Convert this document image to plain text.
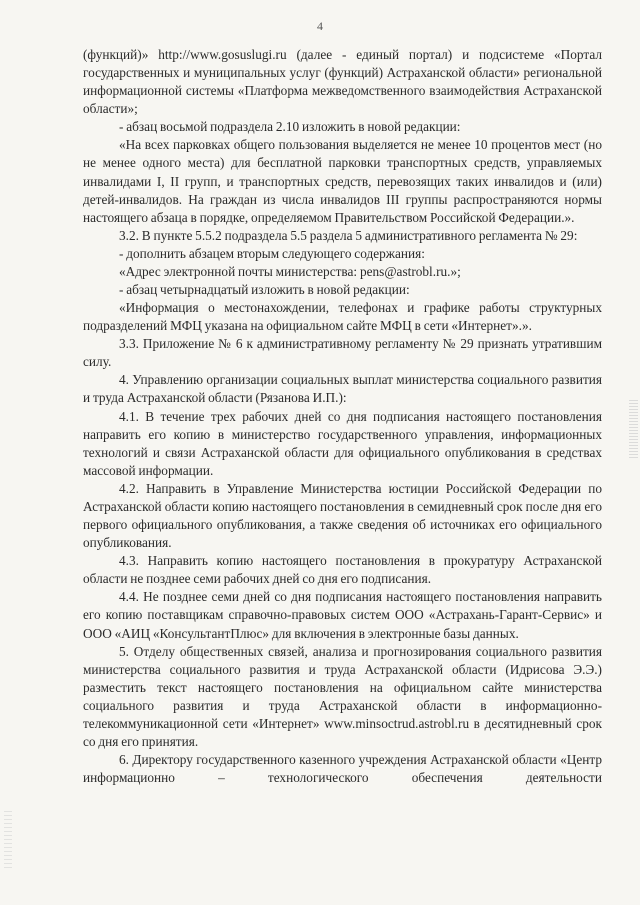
4

(функций)» http://www.gosuslugi.ru (далее - единый портал) и подсистеме «Портал государственных и муниципальных услуг (функций) Астраханской области» региональной информационной системы «Платформа межведомственного взаимодействия Астраханской области»;

- абзац восьмой подраздела 2.10 изложить в новой редакции:

«На всех парковках общего пользования выделяется не менее 10 процентов мест (но не менее одного места) для бесплатной парковки транспортных средств, управляемых инвалидами I, II групп, и транспортных средств, перевозящих таких инвалидов и (или) детей-инвалидов. На граждан из числа инвалидов III группы распространяются нормы настоящего абзаца в порядке, определяемом Правительством Российской Федерации.».

3.2. В пункте 5.5.2 подраздела 5.5 раздела 5 административного регламента № 29:

- дополнить абзацем вторым следующего содержания:

«Адрес электронной почты министерства: pens@astrobl.ru.»;

- абзац четырнадцатый изложить в новой редакции:

«Информация о местонахождении, телефонах и графике работы структурных подразделений МФЦ указана на официальном сайте МФЦ в сети «Интернет».».

3.3. Приложение № 6 к административному регламенту № 29 признать утратившим силу.

4. Управлению организации социальных выплат министерства социального развития и труда Астраханской области (Рязанова И.П.):

4.1. В течение трех рабочих дней со дня подписания настоящего постановления направить его копию в министерство государственного управления, информационных технологий и связи Астраханской области для официального опубликования в средствах массовой информации.

4.2. Направить в Управление Министерства юстиции Российской Федерации по Астраханской области копию настоящего постановления в семидневный срок после дня его первого официального опубликования, а также сведения об источниках его официального опубликования.

4.3. Направить копию настоящего постановления в прокуратуру Астраханской области не позднее семи рабочих дней со дня его подписания.

4.4. Не позднее семи дней со дня подписания настоящего постановления направить его копию поставщикам справочно-правовых систем ООО «Астрахань-Гарант-Сервис» и ООО «АИЦ «КонсультантПлюс» для включения в электронные базы данных.

5. Отделу общественных связей, анализа и прогнозирования социального развития министерства социального развития и труда Астраханской области (Идрисова Э.Э.) разместить текст настоящего постановления на официальном сайте министерства социального развития и труда Астраханской области в информационно-телекоммуникационной сети «Интернет» www.minsoctrud.astrobl.ru в десятидневный срок со дня его принятия.

6. Директору государственного казенного учреждения Астраханской области «Центр информационно – технологического обеспечения деятельности
